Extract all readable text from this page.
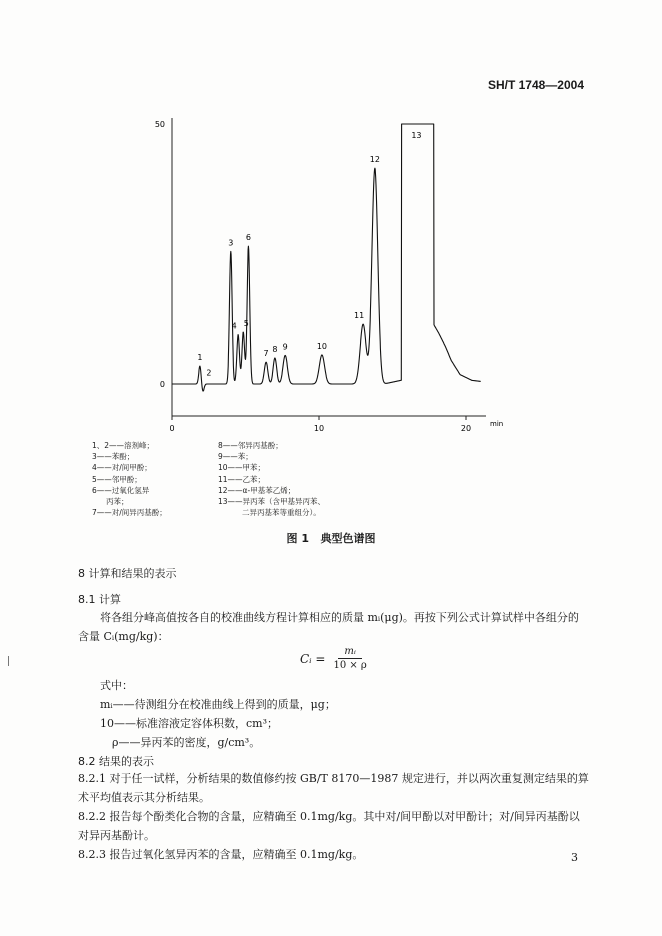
SH/T 1748—2004
0	10	20	min
0
50
1
2
3
4 5
6
7 8 9	10
11
12
13
1、2——溶剂峰；
3——苯酚；
4——对/间甲酚；
5——邻甲酚；
6——过氧化氢异
丙苯；
7——对/间异丙基酚；
8——邻异丙基酚；
9——苯；
10——甲苯；
11——乙苯；
12——α-甲基苯乙烯；
13——异丙苯（含甲基异丙苯、
二异丙基苯等重组分）。
图 1 典型色谱图
8 计算和结果的表示
8.1 计算
将各组分峰高值按各自的校准曲线方程计算相应的质量 mᵢ(μg)。再按下列公式计算试样中各组分的含量 Cᵢ(mg/kg)：
Cᵢ = $\frac{\text{mᵢ}}{10 \times \rho}$
式中：
mᵢ——待测组分在校准曲线上得到的质量，μg；
10——标准溶液定容体积数，cm³；
ρ——异丙苯的密度，g/cm³。
8.2 结果的表示
8.2.1 对于任一试样，分析结果的数值修约按 GB/T 8170—1987 规定进行，并以两次重复测定结果的算术平均值表示其分析结果。
8.2.2 报告每个酚类化合物的含量，应精确至 0.1mg/kg。其中对/间甲酚以对甲酚计；对/间异丙基酚以对异丙基酚计。
8.2.3 报告过氧化氢异丙苯的含量，应精确至 0.1mg/kg。	3
